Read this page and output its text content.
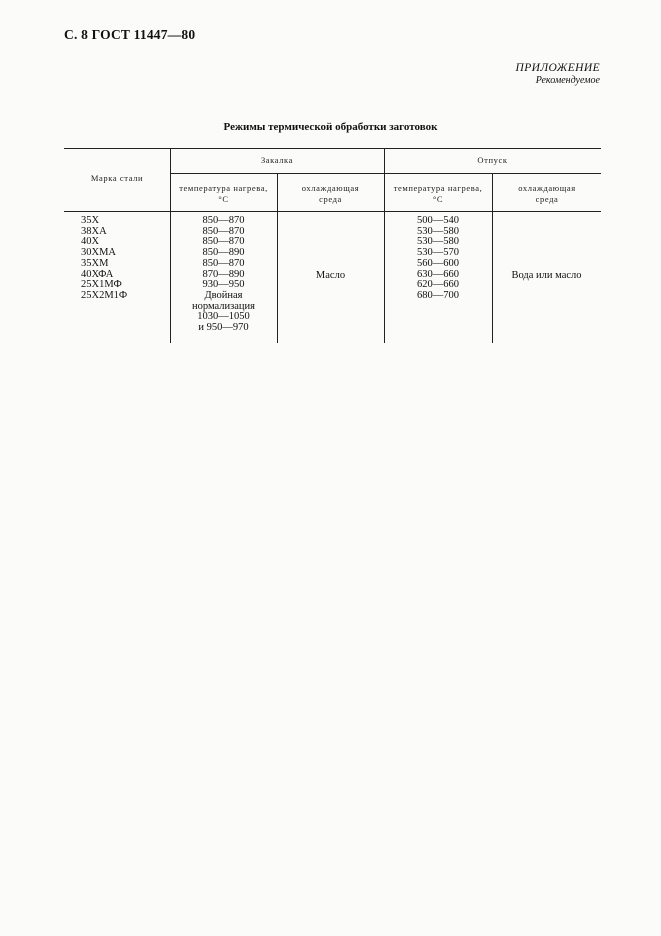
С. 8 ГОСТ 11447—80
ПРИЛОЖЕНИЕ
Рекомендуемое
Режимы термической обработки заготовок
Марка стали
Закалка	Отпуск
температура нагрева, °С
охлаждающая среда
температура нагрева, °С
охлаждающая среда
35Х
38ХА
40Х
30ХМА
35ХМ
40ХФА
25Х1МФ
25Х2М1Ф
850—870
850—870
850—870
850—890
850—870
870—890
930—950
Двойная
нормализация
1030—1050
и 950—970
Масло
500—540
530—580
530—580
530—570
560—600
630—660
620—660
680—700
Вода или масло
